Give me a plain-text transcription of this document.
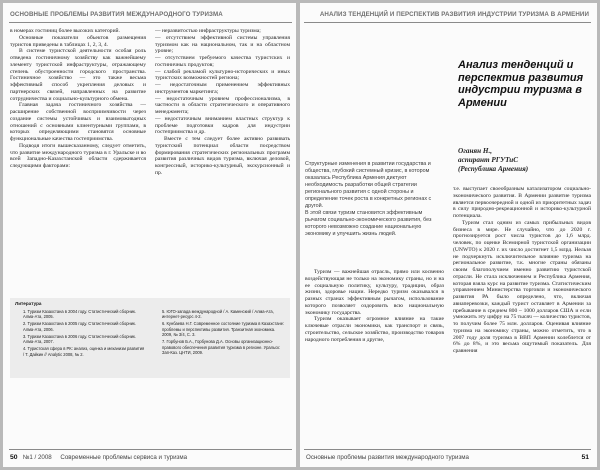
ОСНОВНЫЕ ПРОБЛЕМЫ РАЗВИТИЯ МЕЖДУНАРОДНОГО ТУРИЗМА

в номерах гостиниц более высоких категорий.

Основные показатели объектов размещения туристов приведены в таблицах 1, 2, 3, 4.

В системе туристской деятельности особая роль отведена гостиничному хозяйству как важнейшему элементу туристской инфраструктуры, отражающему степень обустроенности городского пространства. Гостиничное хозяйство — это также весьма эффективный способ укрепления деловых и партнерских связей, направленных на развитие сотрудничества и социально-культурного обмена.

Главная задача гостиничного хозяйства — расширение собственной восприимчивости через создание системы устойчивых и взаимовыгодных отношений с основными клиентурными группами, в которых определяющими становятся основные функциональные качества гостеприимства.

Подводя итоги вышесказанному, следует отметить, что развитие международного туризма в г. Уральске и во всей Западно-Казахстанской области сдерживается следующими факторами:

— неразвитостью инфраструктуры туризма;

— отсутствием эффективной системы управления туризмом как на национальном, так и на областном уровне;

— отсутствием требуемого качества туристских и гостиничных продуктов;

— слабой рекламой культурно-исторических и иных туристских возможностей региона;

— недостаточным применением эффективных инструментов маркетинга;

— недостаточным уровнем профессионализма, в частности в области стратегического и оперативного менеджмента;

— недостаточным вниманием властных структур к проблеме подготовки кадров для индустрии гостеприимства и др.

Вместе с тем следует более активно развивать туристский потенциал области посредством формирования стратегических региональных программ развития различных видов туризма, включая деловой, конгрессный, историко-культурный, экскурсионный и пр.

Литература
1. Туризм Казахстана в 2004 году. Статистический сборник. Алма-Ата, 2005.
2. Туризм Казахстана в 2005 году. Статистический сборник. Алма-Ата, 2006.
3. Туризм Казахстана в 2006 году. Статистический сборник. Алма-Ата, 2007.
4. Туристская сфера в РК: анализ, оценка и механизм развития / Т. Дайкин // Analytic 2008, № 2.
5. ЮГО-запада международной / А. Каменский / Алма-Ата, интернет-ресурс 4-2.
6. Кунбаева Н.Г. Современное состояние туризма в Казахстане: проблемы и перспективы развития. Транзитная экономика. 2009, № 3/4, С. 3.
7. Горбунов Б.А., Горбунова Д.А. Основы организационно-правового обеспечения развития туризма в регионе. Уральск: Зап-Каз. ЦНТИ, 2009.
50 №1 / 2008 Современные проблемы сервиса и туризма
АНАЛИЗ ТЕНДЕНЦИЙ И ПЕРСПЕКТИВ РАЗВИТИЯ ИНДУСТРИИ ТУРИЗМА В АРМЕНИИ
Анализ тенденций и перспектив развития индустрии туризма в Армении
Оганян Н.,
аспирант РГУТиС
(Республика Армения)

Структурные изменения в развитии государства и общества, глубокий системный кризис, в котором оказалась Республика Армения диктуют необходимость разработки общей стратегии регионального развития с одной стороны и определение точек роста в конкретных регионах с другой.

В этой связи туризм становится эффективным рычагом социально-экономического развития, без которого невозможно создание национальную экономику и улучшить жизнь людей.

Туризм — важнейшая отрасль, прямо или косвенно воздействующая не только на экономику страны, но и на ее социальную политику, культуру, традиции, образ жизни, здоровье нации. Нередко туризм оказывался в разных странах эффективным рычагом, использование которого позволяет оздоровить всю национальную экономику государства.

Туризм оказывает огромное влияние на такие ключевые отрасли экономики, как транспорт и связь, строительство, сельское хозяйство, производство товаров народного потребления и другие,

т.е. выступает своеобразным катализатором социально-экономического развития. В Армении развитие туризма является первоочередной и одной из приоритетных задач в силу природно-рекреационной и историко-культурной потенциала.

Туризм стал одним из самых прибыльных видов бизнеса в мире. Не случайно, что до 2020 г. прогнозируется рост числа туристов до 1,6 млрд. человек, по оценке Всемирной туристской организации (UNWTO) к 2020 г. их число достигнет 1,5 млрд. Нельзя не подчеркнуть исключительное влияние туризма на региональное развитие, т.к. многие страны обязаны своим благополучием именно развитию туристской отрасли. Не стала исключением и Республика Армения, которая взяла курс на развитие туризма. Статистическим управлением Министерства торговли и экономического развития РА было определено, что, включая авиаперевозки, каждый турист оставляет в Армении за пребывание в среднем 800 – 1000 долларов США и если умножить эту цифру на 75 тысяч — количество туристов, то получим более 75 млн. долларов. Оценивая влияние туризма на экономику страны, можно отметить, что в 2007 году доля туризма в ВВП Армении колеблется от 6% до 8%, и это весьма ощутимый показатель. Для сравнения

Основные проблемы развития международного туризма	51
